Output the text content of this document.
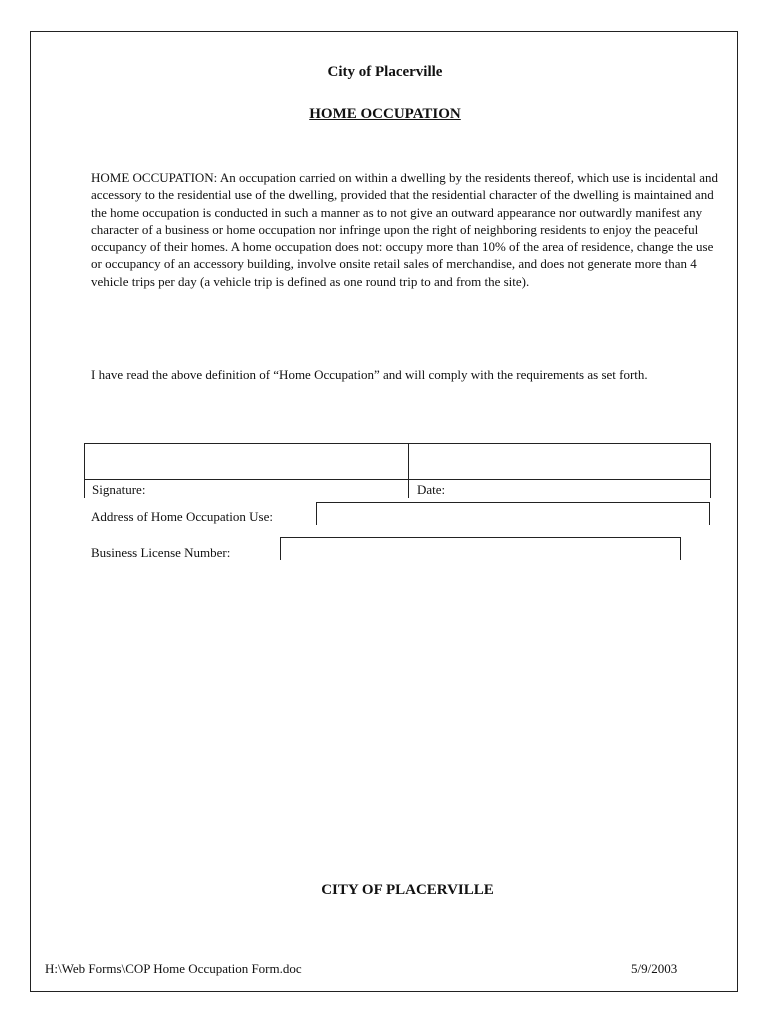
City of Placerville
HOME OCCUPATION

HOME OCCUPATION: An occupation carried on within a dwelling by the residents thereof, which use is incidental and accessory to the residential use of the dwelling, provided that the residential character of the dwelling is maintained and the home occupation is conducted in such a manner as to not give an outward appearance nor outwardly manifest any character of a business or home occupation nor infringe upon the right of neighboring residents to enjoy the peaceful occupancy of their homes. A home occupation does not: occupy more than 10% of the area of residence, change the use or occupancy of an accessory building, involve onsite retail sales of merchandise, and does not generate more than 4 vehicle trips per day (a vehicle trip is defined as one round trip to and from the site).

I have read the above definition of “Home Occupation” and will comply with the requirements as set forth.

Signature:	Date:
Address of Home Occupation Use:
Business License Number:
CITY OF PLACERVILLE
H:\Web Forms\COP Home Occupation Form.doc	5/9/2003
